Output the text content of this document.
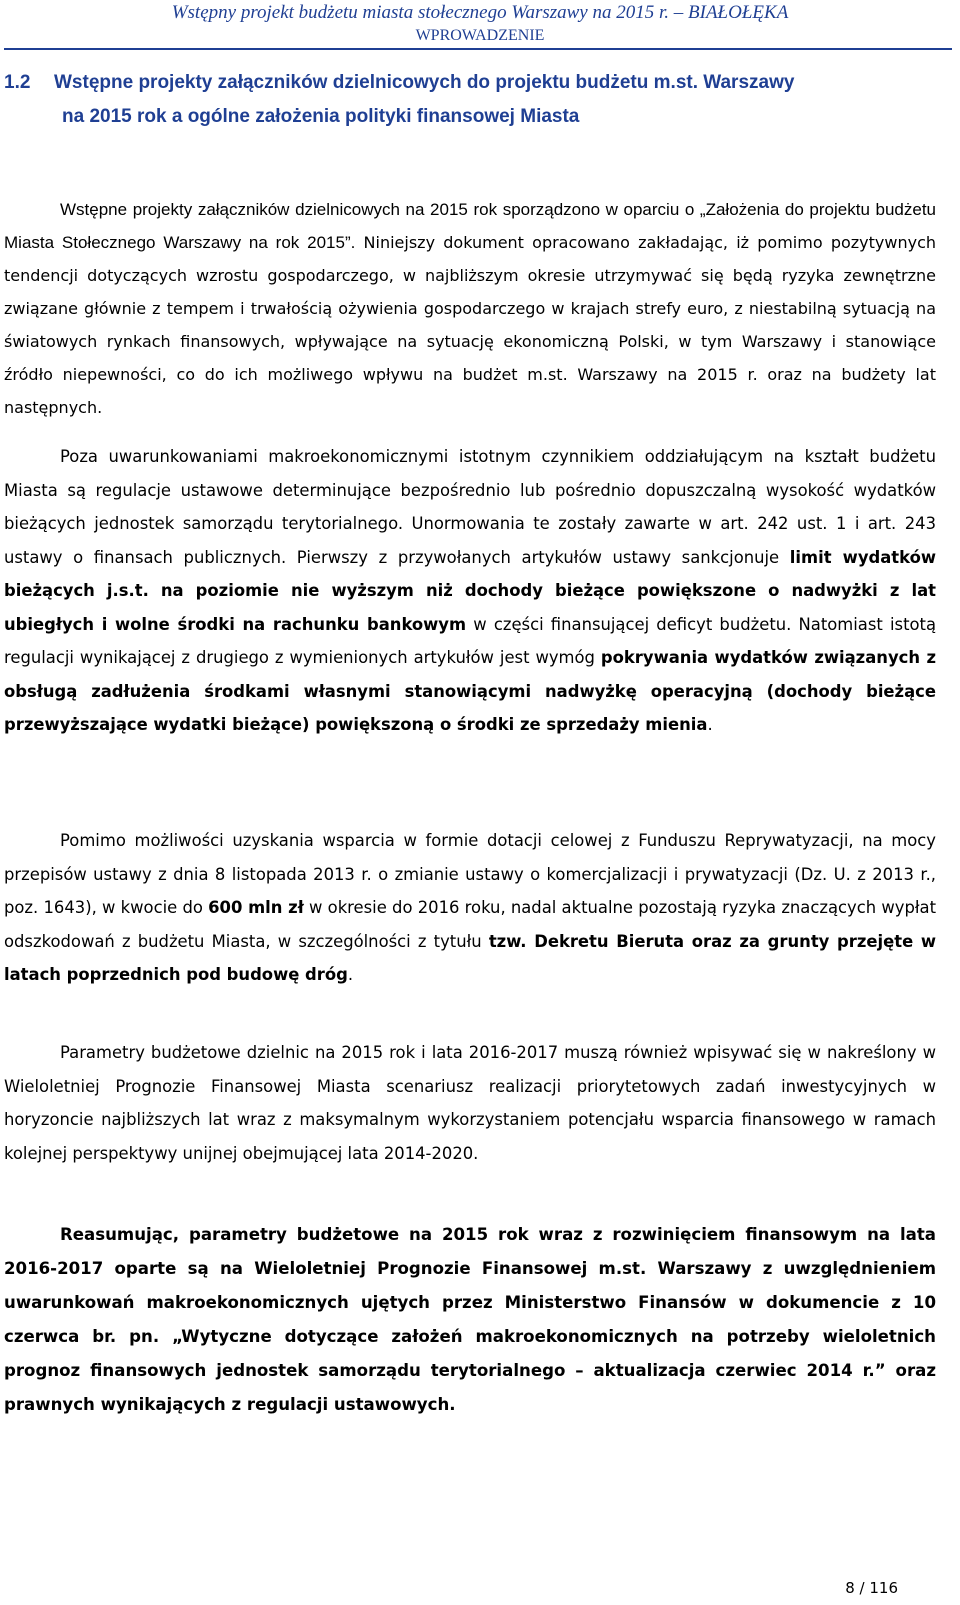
Wstępny projekt budżetu miasta stołecznego Warszawy na 2015 r. – BIAŁOŁĘKA
WPROWADZENIE
1.2 Wstępne projekty załączników dzielnicowych do projektu budżetu m.st. Warszawy
na 2015 rok a ogólne założenia polityki finansowej Miasta
Wstępne projekty załączników dzielnicowych na 2015 rok sporządzono w oparciu o „Założenia do projektu budżetu Miasta Stołecznego Warszawy na rok 2015”. Niniejszy dokument opracowano zakładając, iż pomimo pozytywnych tendencji dotyczących wzrostu gospodarczego, w najbliższym okresie utrzymywać się będą ryzyka zewnętrzne związane głównie z tempem i trwałością ożywienia gospodarczego w krajach strefy euro, z niestabilną sytuacją na światowych rynkach finansowych, wpływające na sytuację ekonomiczną Polski, w tym Warszawy i stanowiące źródło niepewności, co do ich możliwego wpływu na budżet m.st. Warszawy na 2015 r. oraz na budżety lat następnych.
Poza uwarunkowaniami makroekonomicznymi istotnym czynnikiem oddziałującym na kształt budżetu Miasta są regulacje ustawowe determinujące bezpośrednio lub pośrednio dopuszczalną wysokość wydatków bieżących jednostek samorządu terytorialnego. Unormowania te zostały zawarte w art. 242 ust. 1 i art. 243 ustawy o finansach publicznych. Pierwszy z przywołanych artykułów ustawy sankcjonuje limit wydatków bieżących j.s.t. na poziomie nie wyższym niż dochody bieżące powiększone o nadwyżki z lat ubiegłych i wolne środki na rachunku bankowym w części finansującej deficyt budżetu. Natomiast istotą regulacji wynikającej z drugiego z wymienionych artykułów jest wymóg pokrywania wydatków związanych z obsługą zadłużenia środkami własnymi stanowiącymi nadwyżkę operacyjną (dochody bieżące przewyższające wydatki bieżące) powiększoną o środki ze sprzedaży mienia.
Pomimo możliwości uzyskania wsparcia w formie dotacji celowej z Funduszu Reprywatyzacji, na mocy przepisów ustawy z dnia 8 listopada 2013 r. o zmianie ustawy o komercjalizacji i prywatyzacji (Dz. U. z 2013 r., poz. 1643), w kwocie do 600 mln zł w okresie do 2016 roku, nadal aktualne pozostają ryzyka znaczących wypłat odszkodowań z budżetu Miasta, w szczególności z tytułu tzw. Dekretu Bieruta oraz za grunty przejęte w latach poprzednich pod budowę dróg.
Parametry budżetowe dzielnic na 2015 rok i lata 2016-2017 muszą również wpisywać się w nakreślony w Wieloletniej Prognozie Finansowej Miasta scenariusz realizacji priorytetowych zadań inwestycyjnych w horyzoncie najbliższych lat wraz z maksymalnym wykorzystaniem potencjału wsparcia finansowego w ramach kolejnej perspektywy unijnej obejmującej lata 2014-2020.
Reasumując, parametry budżetowe na 2015 rok wraz z rozwinięciem finansowym na lata 2016-2017 oparte są na Wieloletniej Prognozie Finansowej m.st. Warszawy z uwzględnieniem uwarunkowań makroekonomicznych ujętych przez Ministerstwo Finansów w dokumencie z 10 czerwca br. pn. „Wytyczne dotyczące założeń makroekonomicznych na potrzeby wieloletnich prognoz finansowych jednostek samorządu terytorialnego – aktualizacja czerwiec 2014 r.” oraz prawnych wynikających z regulacji ustawowych.
8 / 116
